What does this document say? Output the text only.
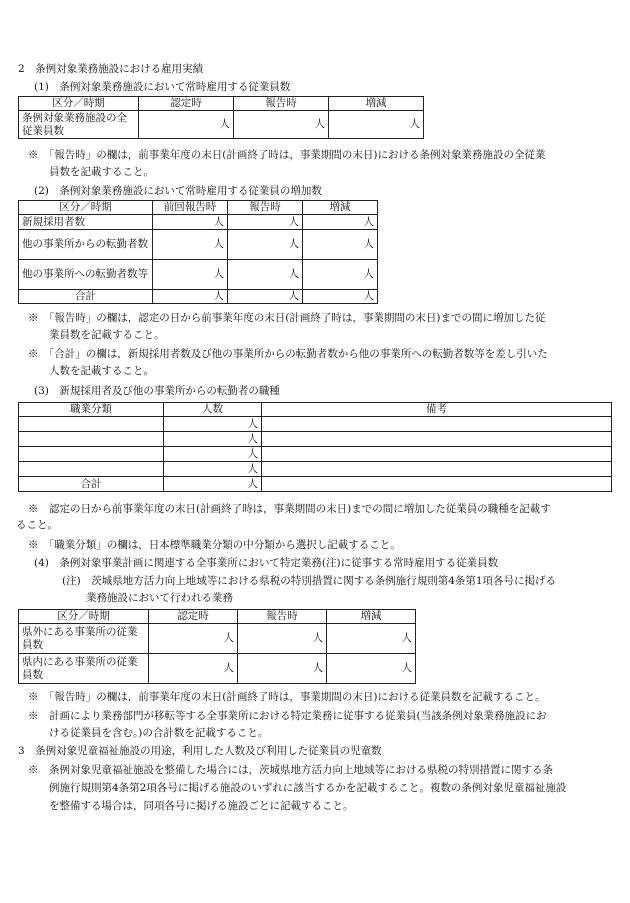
2　条例対象業務施設における雇用実績
(1)　条例対象業務施設において常時雇用する従業員数
区分／時期	認定時	報告時	増減
条例対象業務施設の全従業員数	人	人	人
※　「報告時」の欄は，前事業年度の末日(計画終了時は，事業期間の末日)における条例対象業務施設の全従業
員数を記載すること。
(2)　条例対象業務施設において常時雇用する従業員の増加数
区分／時期	前回報告時	報告時	増減
新規採用者数	人	人	人
他の事業所からの転勤者数	人	人	人
他の事業所への転勤者数等	人	人	人
合計	人	人	人
※　「報告時」の欄は，認定の日から前事業年度の末日(計画終了時は，事業期間の末日)までの間に増加した従
業員数を記載すること。
※　「合計」の欄は，新規採用者数及び他の事業所からの転勤者数から他の事業所への転勤者数等を差し引いた
人数を記載すること。
(3)　新規採用者及び他の事業所からの転勤者の職種
職業分類	人数	備考
	人	
	人	
	人	
	人	
合計	人	
※　認定の日から前事業年度の末日(計画終了時は，事業期間の末日)までの間に増加した従業員の職種を記載す
ること。
※　「職業分類」の欄は，日本標準職業分類の中分類から選択し記載すること。
(4)　条例対象事業計画に関連する全事業所において特定業務(注)に従事する常時雇用する従業員数
(注)　茨城県地方活力向上地域等における県税の特別措置に関する条例施行規則第4条第1項各号に掲げる
業務施設において行われる業務
区分／時期	認定時	報告時	増減
県外にある事業所の従業員数	人	人	人
県内にある事業所の従業員数	人	人	人
※　「報告時」の欄は，前事業年度の末日(計画終了時は，事業期間の末日)における従業員数を記載すること。
※　計画により業務部門が移転等する全事業所における特定業務に従事する従業員(当該条例対象業務施設にお
ける従業員を含む。)の合計数を記載すること。
3　条例対象児童福祉施設の用途，利用した人数及び利用した従業員の児童数
※　条例対象児童福祉施設を整備した場合には，茨城県地方活力向上地域等における県税の特別措置に関する条
例施行規則第4条第2項各号に掲げる施設のいずれに該当するかを記載すること。複数の条例対象児童福祉施設
を整備する場合は，同項各号に掲げる施設ごとに記載すること。
